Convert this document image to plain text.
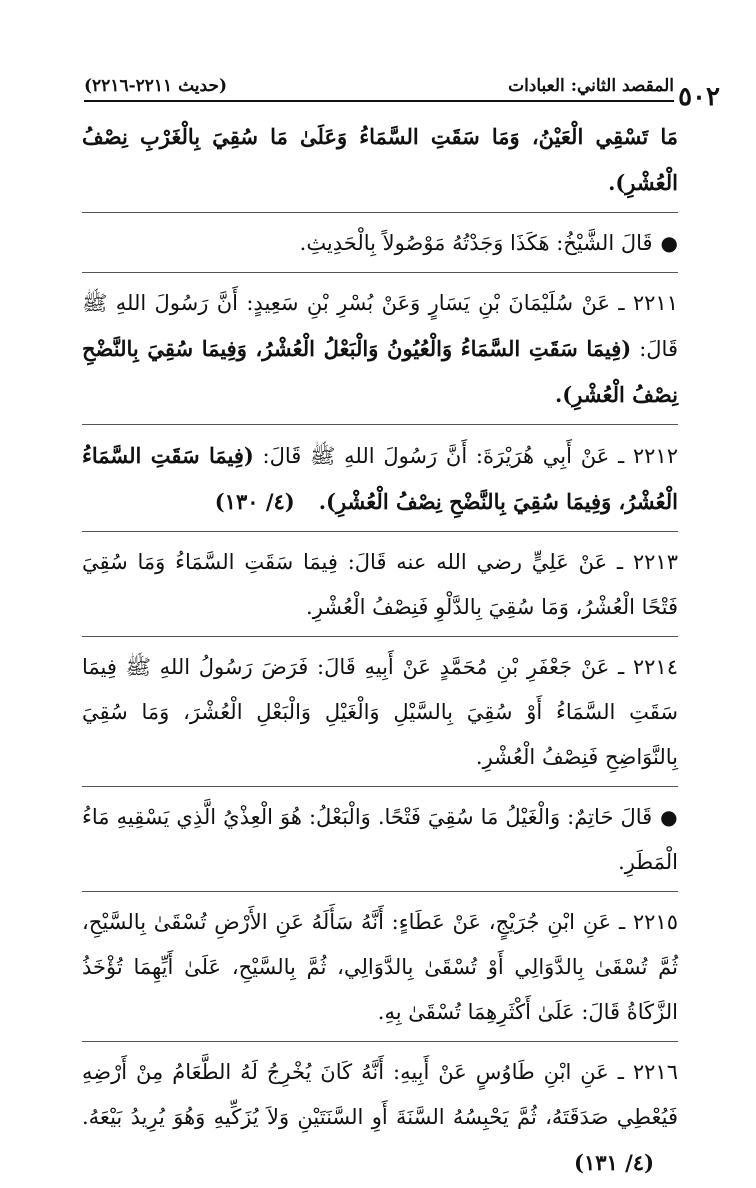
٥٠٢
المقصد الثاني: العبادات
(حديث ٢٢١١-٢٢١٦)

مَا تَسْقِي الْعَيْنُ، وَمَا سَقَتِ السَّمَاءُ وَعَلَىٰ مَا سُقِيَ بِالْغَرْبِ نِصْفُ الْعُشْرِ).

●قَالَ الشَّيْخُ: هَكَذَا وَجَدْتُهُ مَوْصُولاً بِالْحَدِيثِ.

٢٢١١ ـ عَنْ سُلَيْمَانَ بْنِ يَسَارٍ وَعَنْ بُسْرِ بْنِ سَعِيدٍ: أَنَّ رَسُولَ اللهِ ﷺ قَالَ: (فِيمَا سَقَتِ السَّمَاءُ وَالْعُيُونُ وَالْبَعْلُ الْعُشْرُ، وَفِيمَا سُقِيَ بِالنَّضْحِ نِصْفُ الْعُشْرِ).

٢٢١٢ ـ عَنْ أَبِي هُرَيْرَةَ: أَنَّ رَسُولَ اللهِ ﷺ قَالَ: (فِيمَا سَقَتِ السَّمَاءُ الْعُشْرُ، وَفِيمَا سُقِيَ بِالنَّضْحِ نِصْفُ الْعُشْرِ).(٤/ ١٣٠)

٢٢١٣ ـ عَنْ عَلِيٍّ رضي الله عنه قَالَ: فِيمَا سَقَتِ السَّمَاءُ وَمَا سُقِيَ فَتْحًا الْعُشْرُ، وَمَا سُقِيَ بِالدَّلْوِ فَنِصْفُ الْعُشْرِ.

٢٢١٤ ـ عَنْ جَعْفَرِ بْنِ مُحَمَّدٍ عَنْ أَبِيهِ قَالَ: فَرَضَ رَسُولُ اللهِ ﷺ فِيمَا سَقَتِ السَّمَاءُ أَوْ سُقِيَ بِالسَّيْلِ وَالْغَيْلِ وَالْبَعْلِ الْعُشْرَ، وَمَا سُقِيَ بِالنَّوَاضِحِ فَنِصْفُ الْعُشْرِ.

●قَالَ حَاتِمٌ: وَالْغَيْلُ مَا سُقِيَ فَتْحًا. وَالْبَعْلُ: هُوَ الْعِذْيُ الَّذِي يَسْقِيهِ مَاءُ الْمَطَرِ.

٢٢١٥ ـ عَنِ ابْنِ جُرَيْجٍ، عَنْ عَطَاءٍ: أَنَّهُ سَأَلَهُ عَنِ الأَرْضِ تُسْقَىٰ بِالسَّيْحِ، ثُمَّ تُسْقَىٰ بِالدَّوَالِي أَوْ تُسْقَىٰ بِالدَّوَالِي، ثُمَّ بِالسَّيْحِ، عَلَىٰ أَيِّهِمَا تُؤْخَذُ الزَّكَاةُ قَالَ: عَلَىٰ أَكْثَرِهِمَا تُسْقَىٰ بِهِ.

٢٢١٦ ـ عَنِ ابْنِ طَاوُسٍ عَنْ أَبِيهِ: أَنَّهُ كَانَ يُخْرِجُ لَهُ الطَّعَامُ مِنْ أَرْضِهِ فَيُعْطِي صَدَقَتَهُ، ثُمَّ يَحْبِسُهُ السَّنَةَ أَوِ السَّنَتَيْنِ وَلاَ يُزَكِّيهِ وَهُوَ يُرِيدُ بَيْعَهُ.(٤/ ١٣١)
